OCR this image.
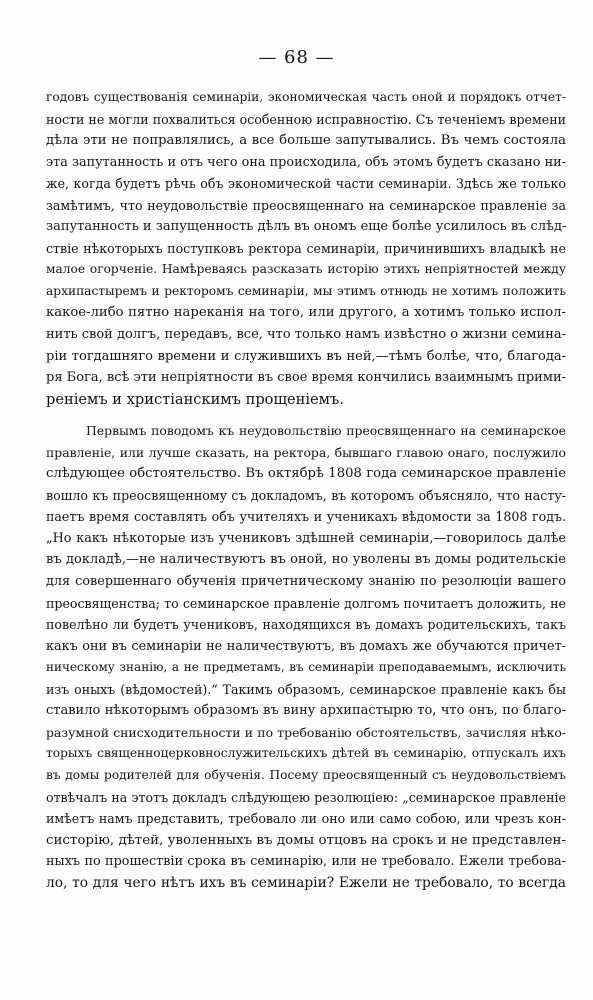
— 68 —
годовъ существованія семинаріи, экономическая часть оной и порядокъ отчет-
ности не могли похвалиться особенною исправностію. Съ теченіемъ времени
дѣла эти не поправлялись, а все больше запутывались. Въ чемъ состояла
эта запутанность и отъ чего она происходила, объ этомъ будетъ сказано ни-
же, когда будетъ рѣчь объ экономической части семинаріи. Здѣсь же только
замѣтимъ, что неудовольствіе преосвященнаго на семинарское правленіе за
запутанность и запущенность дѣлъ въ ономъ еще болѣе усилилось въ слѣд-
ствіе нѣкоторыхъ поступковъ ректора семинаріи, причинившихъ владыкѣ не
малое огорченіе. Намѣреваясь разсказать исторію этихъ непріятностей между
архипастыремъ и ректоромъ семинаріи, мы этимъ отнюдь не хотимъ положить
какое-либо пятно нареканія на того, или другого, а хотимъ только испол-
нить свой долгъ, передавъ, все, что только намъ извѣстно о жизни семина-
ріи тогдашняго времени и служившихъ въ ней,—тѣмъ болѣе, что, благода-
ря Бога, всѣ эти непріятности въ свое время кончились взаимнымъ прими-
реніемъ и христіанскимъ прощеніемъ.
Первымъ поводомъ къ неудовольствію преосвященнаго на семинарское
правленіе, или лучше сказать, на ректора, бывшаго главою онаго, послужило
слѣдующее обстоятельство. Въ октябрѣ 1808 года семинарское правленіе
вошло къ преосвященному съ докладомъ, въ которомъ объясняло, что насту-
паетъ время составлять объ учителяхъ и ученикахъ вѣдомости за 1808 годъ.
„Но какъ нѣкоторые изъ учениковъ здѣшней семинаріи,—говорилось далѣе
въ докладѣ,—не наличествуютъ въ оной, но уволены въ домы родительскіе
для совершеннаго обученія причетническому знанію по резолюціи вашего
преосвященства; то семинарское правленіе долгомъ почитаетъ доложить, не
повелѣно ли будетъ учениковъ, находящихся въ домахъ родительскихъ, такъ
какъ они въ семинаріи не наличествуютъ, въ домахъ же обучаются причет-
ническому знанію, а не предметамъ, въ семинаріи преподаваемымъ, исключить
изъ оныхъ (вѣдомостей).“ Такимъ образомъ, семинарское правленіе какъ бы
ставило нѣкоторымъ образомъ въ вину архипастырю то, что онъ, по благо-
разумной снисходительности и по требованію обстоятельствъ, зачисляя нѣко-
торыхъ священноцерковнослужительскихъ дѣтей въ семинарію, отпускалъ ихъ
въ домы родителей для обученія. Посему преосвященный съ неудовольствіемъ
отвѣчалъ на этотъ докладъ слѣдующею резолюціею: „семинарское правленіе
имѣетъ намъ представить, требовало ли оно или само собою, или чрезъ кон-
систорію, дѣтей, уволенныхъ въ домы отцовъ на срокъ и не представлен-
ныхъ по прошествіи срока въ семинарію, или не требовало. Ежели требова-
ло, то для чего нѣтъ ихъ въ семинаріи? Ежели не требовало, то всегда
